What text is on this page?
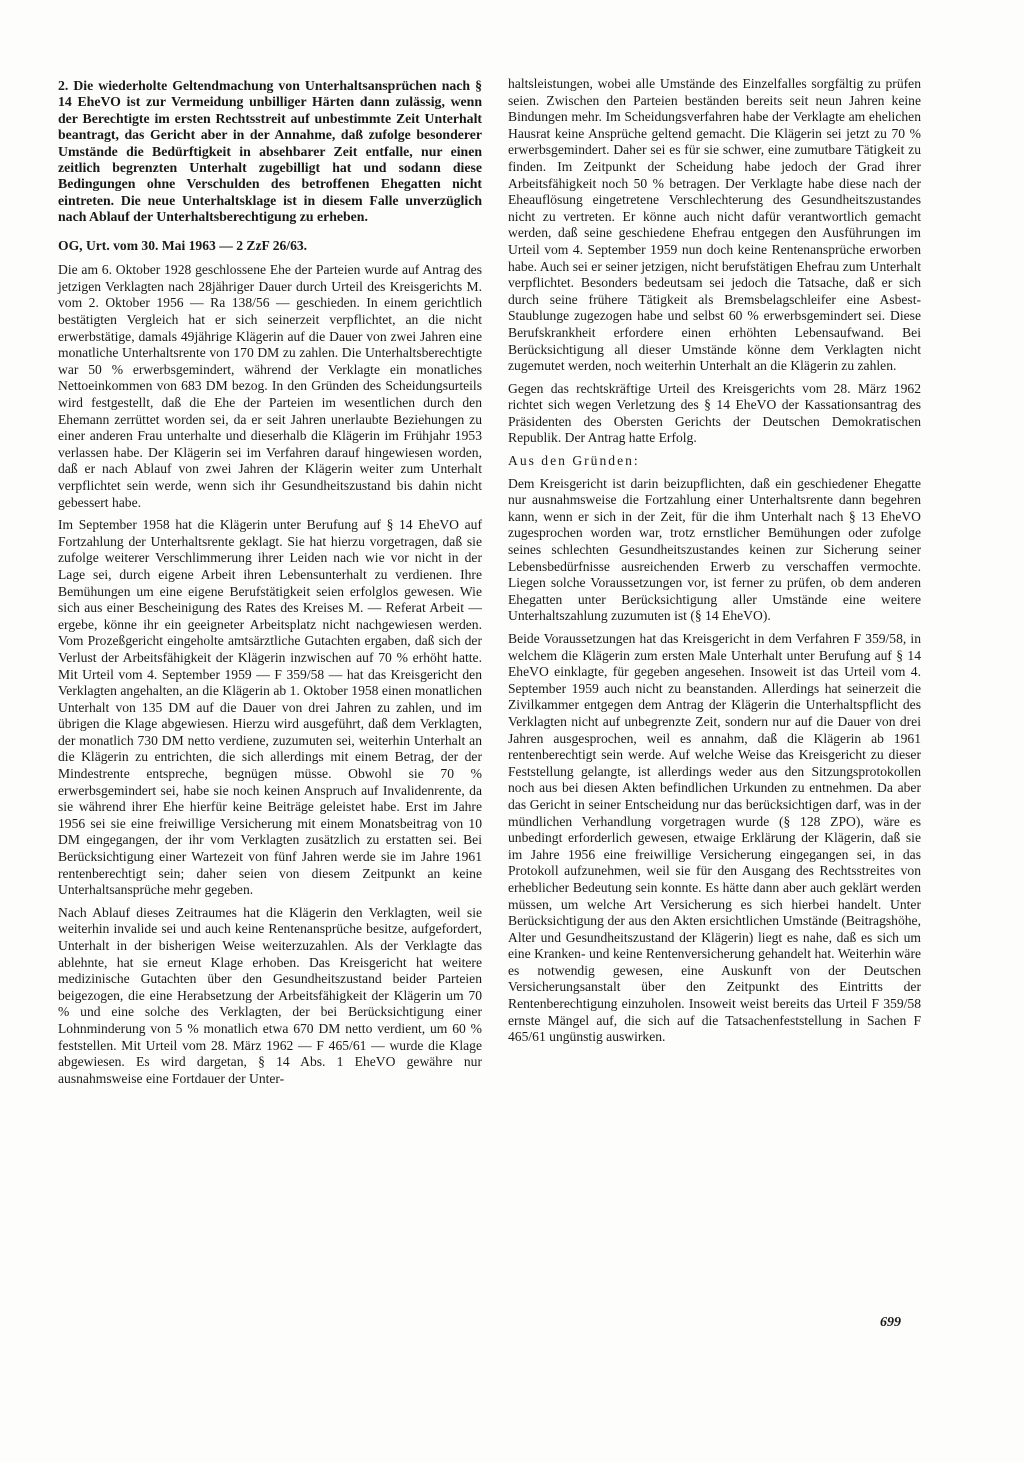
2. Die wiederholte Geltendmachung von Unterhaltsansprüchen nach § 14 EheVO ist zur Vermeidung unbilliger Härten dann zulässig, wenn der Berechtigte im ersten Rechtsstreit auf unbestimmte Zeit Unterhalt beantragt, das Gericht aber in der Annahme, daß zufolge besonderer Umstände die Bedürftigkeit in absehbarer Zeit entfalle, nur einen zeitlich begrenzten Unterhalt zugebilligt hat und sodann diese Bedingungen ohne Verschulden des betroffenen Ehegatten nicht eintreten. Die neue Unterhaltsklage ist in diesem Falle unverzüglich nach Ablauf der Unterhaltsberechtigung zu erheben.

OG, Urt. vom 30. Mai 1963 — 2 ZzF 26/63.

Die am 6. Oktober 1928 geschlossene Ehe der Parteien wurde auf Antrag des jetzigen Verklagten nach 28jähriger Dauer durch Urteil des Kreisgerichts M. vom 2. Oktober 1956 — Ra 138/56 — geschieden. In einem gerichtlich bestätigten Vergleich hat er sich seinerzeit verpflichtet, an die nicht erwerbstätige, damals 49jährige Klägerin auf die Dauer von zwei Jahren eine monatliche Unterhaltsrente von 170 DM zu zahlen. Die Unterhaltsberechtigte war 50 % erwerbsgemindert, während der Verklagte ein monatliches Nettoeinkommen von 683 DM bezog. In den Gründen des Scheidungsurteils wird festgestellt, daß die Ehe der Parteien im wesentlichen durch den Ehemann zerrüttet worden sei, da er seit Jahren unerlaubte Beziehungen zu einer anderen Frau unterhalte und dieserhalb die Klägerin im Frühjahr 1953 verlassen habe. Der Klägerin sei im Verfahren darauf hingewiesen worden, daß er nach Ablauf von zwei Jahren der Klägerin weiter zum Unterhalt verpflichtet sein werde, wenn sich ihr Gesundheitszustand bis dahin nicht gebessert habe.

Im September 1958 hat die Klägerin unter Berufung auf § 14 EheVO auf Fortzahlung der Unterhaltsrente geklagt. Sie hat hierzu vorgetragen, daß sie zufolge weiterer Verschlimmerung ihrer Leiden nach wie vor nicht in der Lage sei, durch eigene Arbeit ihren Lebensunterhalt zu verdienen. Ihre Bemühungen um eine eigene Berufstätigkeit seien erfolglos gewesen. Wie sich aus einer Bescheinigung des Rates des Kreises M. — Referat Arbeit — ergebe, könne ihr ein geeigneter Arbeitsplatz nicht nachgewiesen werden. Vom Prozeßgericht eingeholte amtsärztliche Gutachten ergaben, daß sich der Verlust der Arbeitsfähigkeit der Klägerin inzwischen auf 70 % erhöht hatte. Mit Urteil vom 4. September 1959 — F 359/58 — hat das Kreisgericht den Verklagten angehalten, an die Klägerin ab 1. Oktober 1958 einen monatlichen Unterhalt von 135 DM auf die Dauer von drei Jahren zu zahlen, und im übrigen die Klage abgewiesen. Hierzu wird ausgeführt, daß dem Verklagten, der monatlich 730 DM netto verdiene, zuzumuten sei, weiterhin Unterhalt an die Klägerin zu entrichten, die sich allerdings mit einem Betrag, der der Mindestrente entspreche, begnügen müsse. Obwohl sie 70 % erwerbsgemindert sei, habe sie noch keinen Anspruch auf Invalidenrente, da sie während ihrer Ehe hierfür keine Beiträge geleistet habe. Erst im Jahre 1956 sei sie eine freiwillige Versicherung mit einem Monatsbeitrag von 10 DM eingegangen, der ihr vom Verklagten zusätzlich zu erstatten sei. Bei Berücksichtigung einer Wartezeit von fünf Jahren werde sie im Jahre 1961 rentenberechtigt sein; daher seien von diesem Zeitpunkt an keine Unterhaltsansprüche mehr gegeben.

Nach Ablauf dieses Zeitraumes hat die Klägerin den Verklagten, weil sie weiterhin invalide sei und auch keine Rentenansprüche besitze, aufgefordert, Unterhalt in der bisherigen Weise weiterzuzahlen. Als der Verklagte das ablehnte, hat sie erneut Klage erhoben. Das Kreisgericht hat weitere medizinische Gutachten über den Gesundheitszustand beider Parteien beigezogen, die eine Herabsetzung der Arbeitsfähigkeit der Klägerin um 70 % und eine solche des Verklagten, der bei Berücksichtigung einer Lohnminderung von 5 % monatlich etwa 670 DM netto verdient, um 60 % feststellen. Mit Urteil vom 28. März 1962 — F 465/61 — wurde die Klage abgewiesen. Es wird dargetan, § 14 Abs. 1 EheVO gewähre nur ausnahmsweise eine Fortdauer der Unter-

haltsleistungen, wobei alle Umstände des Einzelfalles sorgfältig zu prüfen seien. Zwischen den Parteien beständen bereits seit neun Jahren keine Bindungen mehr. Im Scheidungsverfahren habe der Verklagte am ehelichen Hausrat keine Ansprüche geltend gemacht. Die Klägerin sei jetzt zu 70 % erwerbsgemindert. Daher sei es für sie schwer, eine zumutbare Tätigkeit zu finden. Im Zeitpunkt der Scheidung habe jedoch der Grad ihrer Arbeitsfähigkeit noch 50 % betragen. Der Verklagte habe diese nach der Eheauflösung eingetretene Verschlechterung des Gesundheitszustandes nicht zu vertreten. Er könne auch nicht dafür verantwortlich gemacht werden, daß seine geschiedene Ehefrau entgegen den Ausführungen im Urteil vom 4. September 1959 nun doch keine Rentenansprüche erworben habe. Auch sei er seiner jetzigen, nicht berufstätigen Ehefrau zum Unterhalt verpflichtet. Besonders bedeutsam sei jedoch die Tatsache, daß er sich durch seine frühere Tätigkeit als Bremsbelagschleifer eine Asbest-Staublunge zugezogen habe und selbst 60 % erwerbsgemindert sei. Diese Berufskrankheit erfordere einen erhöhten Lebensaufwand. Bei Berücksichtigung all dieser Umstände könne dem Verklagten nicht zugemutet werden, noch weiterhin Unterhalt an die Klägerin zu zahlen.

Gegen das rechtskräftige Urteil des Kreisgerichts vom 28. März 1962 richtet sich wegen Verletzung des § 14 EheVO der Kassationsantrag des Präsidenten des Obersten Gerichts der Deutschen Demokratischen Republik. Der Antrag hatte Erfolg.

Aus den Gründen:

Dem Kreisgericht ist darin beizupflichten, daß ein geschiedener Ehegatte nur ausnahmsweise die Fortzahlung einer Unterhaltsrente dann begehren kann, wenn er sich in der Zeit, für die ihm Unterhalt nach § 13 EheVO zugesprochen worden war, trotz ernstlicher Bemühungen oder zufolge seines schlechten Gesundheitszustandes keinen zur Sicherung seiner Lebensbedürfnisse ausreichenden Erwerb zu verschaffen vermochte. Liegen solche Voraussetzungen vor, ist ferner zu prüfen, ob dem anderen Ehegatten unter Berücksichtigung aller Umstände eine weitere Unterhaltszahlung zuzumuten ist (§ 14 EheVO).

Beide Voraussetzungen hat das Kreisgericht in dem Verfahren F 359/58, in welchem die Klägerin zum ersten Male Unterhalt unter Berufung auf § 14 EheVO einklagte, für gegeben angesehen. Insoweit ist das Urteil vom 4. September 1959 auch nicht zu beanstanden. Allerdings hat seinerzeit die Zivilkammer entgegen dem Antrag der Klägerin die Unterhaltspflicht des Verklagten nicht auf unbegrenzte Zeit, sondern nur auf die Dauer von drei Jahren ausgesprochen, weil es annahm, daß die Klägerin ab 1961 rentenberechtigt sein werde. Auf welche Weise das Kreisgericht zu dieser Feststellung gelangte, ist allerdings weder aus den Sitzungsprotokollen noch aus bei diesen Akten befindlichen Urkunden zu entnehmen. Da aber das Gericht in seiner Entscheidung nur das berücksichtigen darf, was in der mündlichen Verhandlung vorgetragen wurde (§ 128 ZPO), wäre es unbedingt erforderlich gewesen, etwaige Erklärung der Klägerin, daß sie im Jahre 1956 eine freiwillige Versicherung eingegangen sei, in das Protokoll aufzunehmen, weil sie für den Ausgang des Rechtsstreites von erheblicher Bedeutung sein konnte. Es hätte dann aber auch geklärt werden müssen, um welche Art Versicherung es sich hierbei handelt. Unter Berücksichtigung der aus den Akten ersichtlichen Umstände (Beitragshöhe, Alter und Gesundheitszustand der Klägerin) liegt es nahe, daß es sich um eine Kranken- und keine Rentenversicherung gehandelt hat. Weiterhin wäre es notwendig gewesen, eine Auskunft von der Deutschen Versicherungsanstalt über den Zeitpunkt des Eintritts der Rentenberechtigung einzuholen. Insoweit weist bereits das Urteil F 359/58 ernste Mängel auf, die sich auf die Tatsachenfeststellung in Sachen F 465/61 ungünstig auswirken.

699
